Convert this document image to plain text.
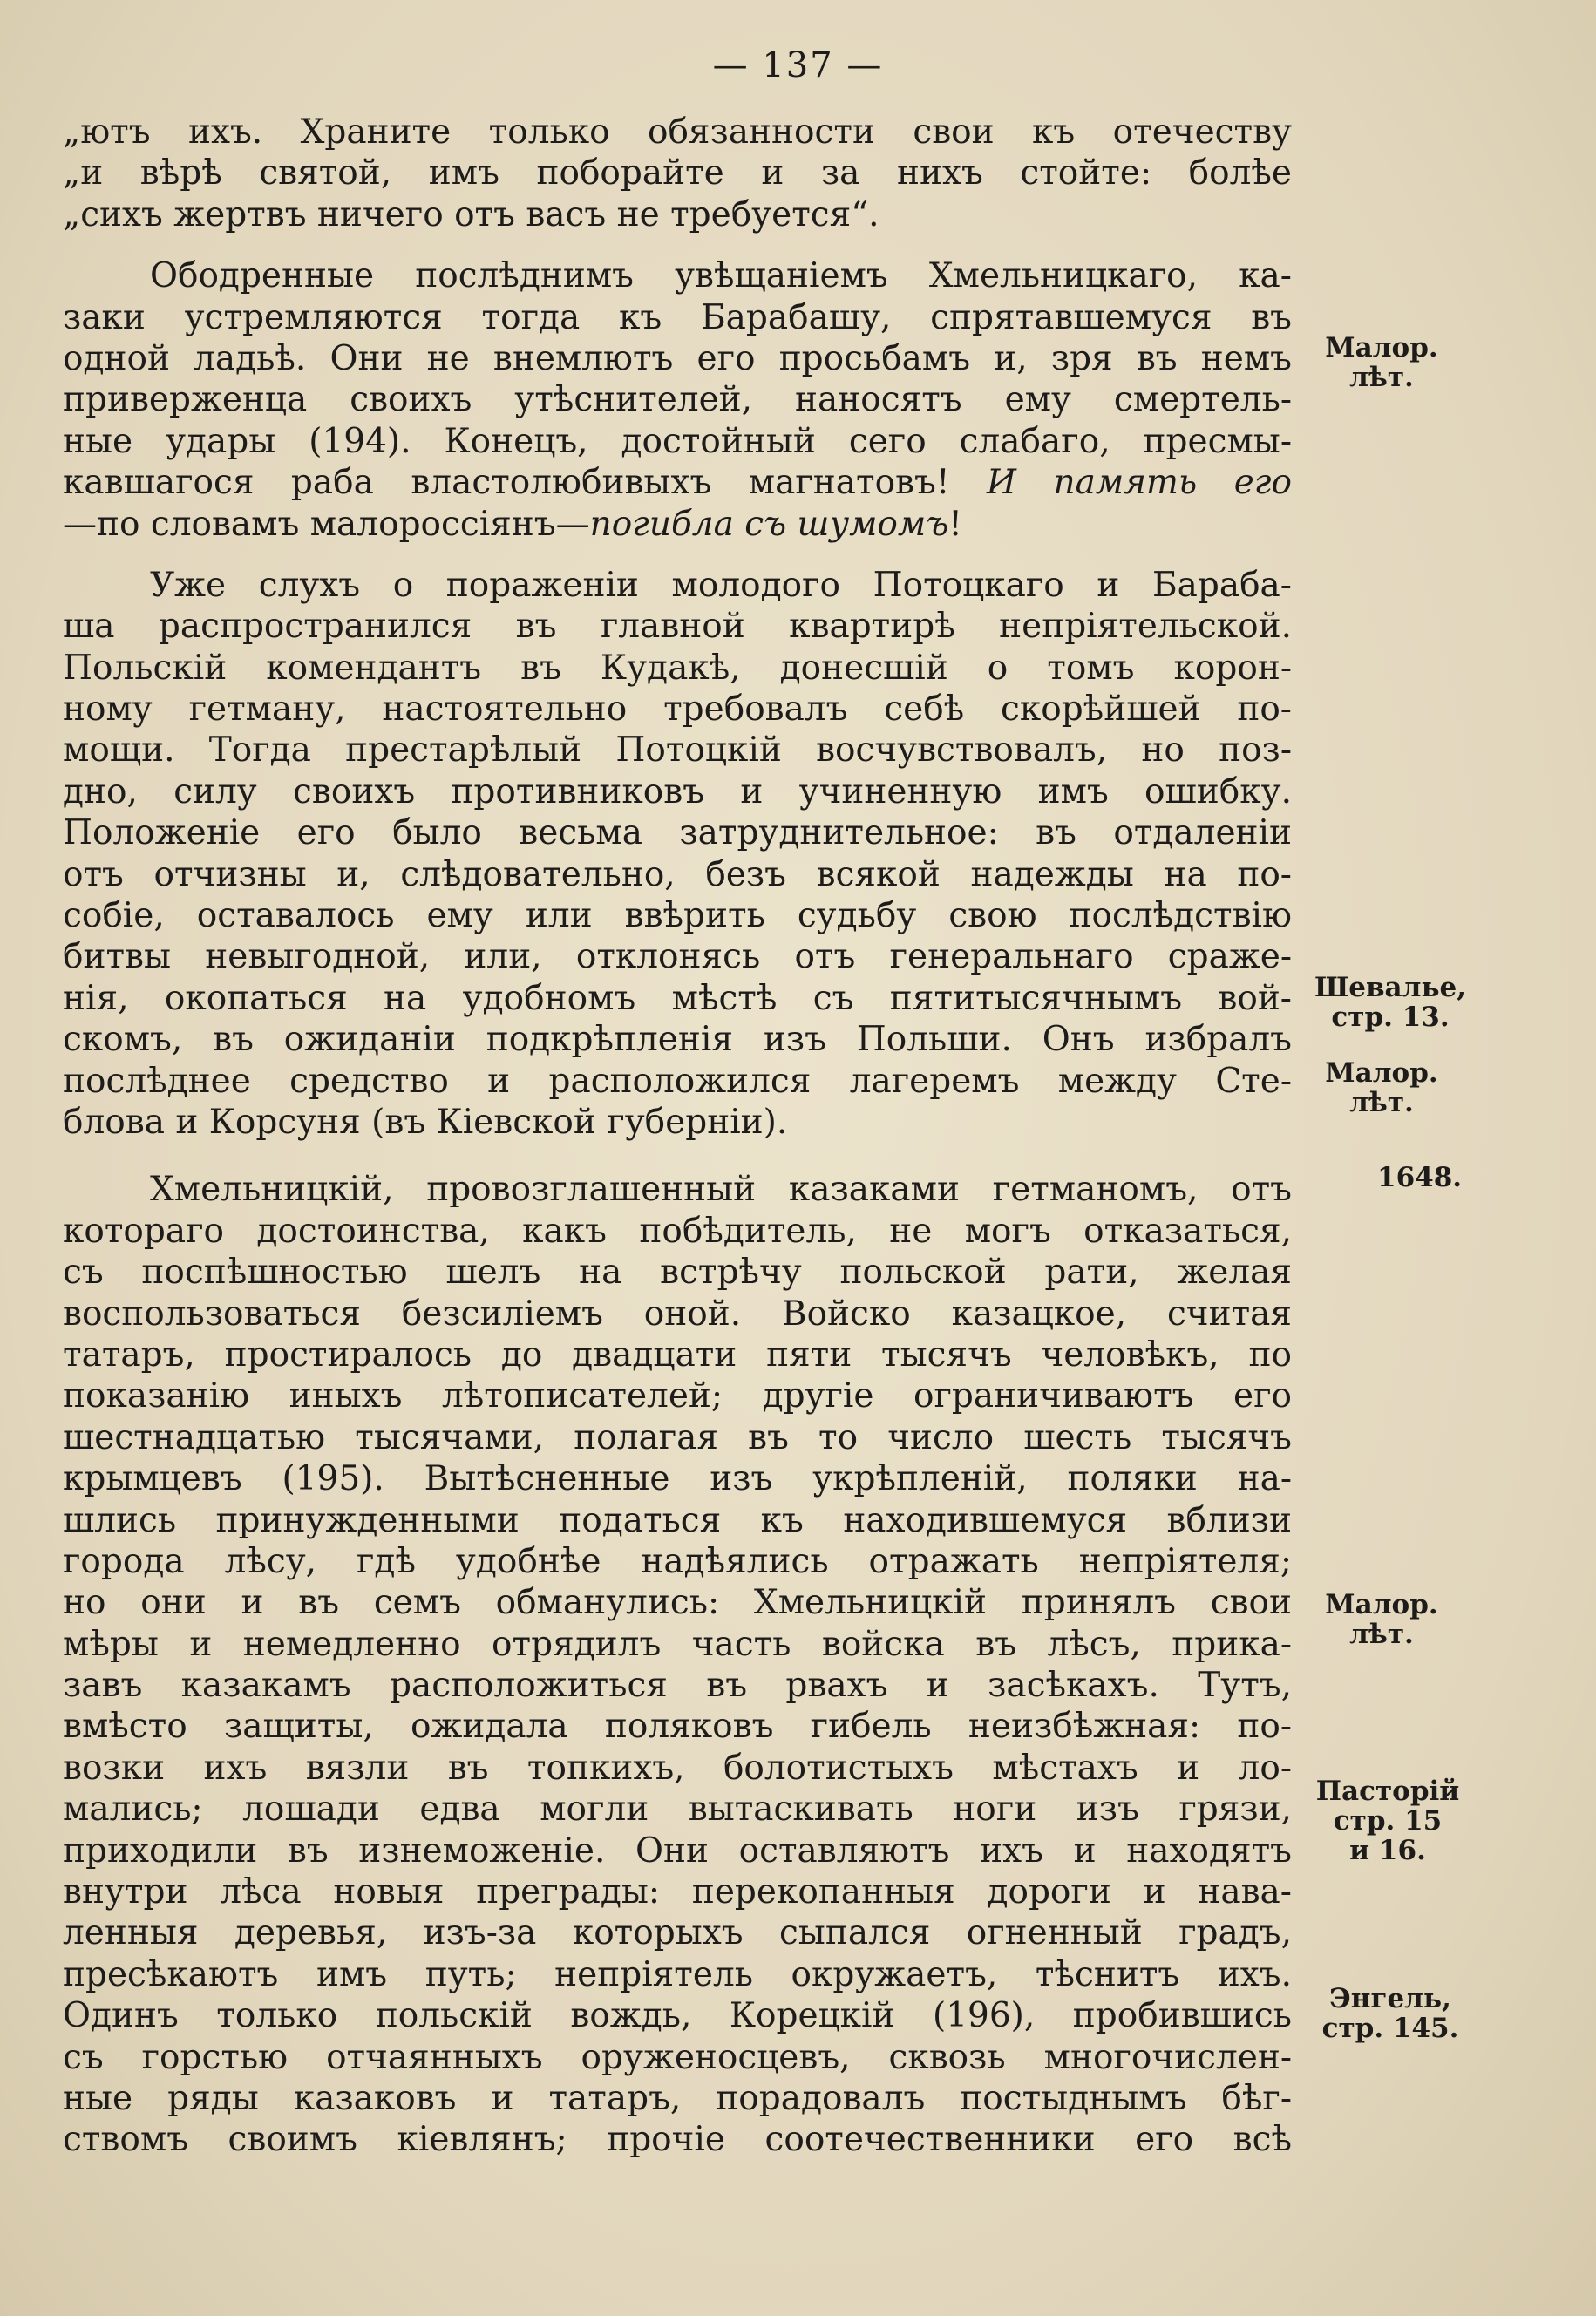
— 137 —
„ютъ ихъ. Храните только обязанности свои къ отечеству
„и вѣрѣ святой, имъ поборайте и за нихъ стойте: болѣе
„сихъ жертвъ ничего отъ васъ не требуется“.
Ободренные послѣднимъ увѣщаніемъ Хмельницкаго, ка-
заки устремляются тогда къ Барабашу, спрятавшемуся въ
одной ладьѣ. Они не внемлютъ его просьбамъ и, зря въ немъ
приверженца своихъ утѣснителей, наносятъ ему смертель-
ные удары (194). Конецъ, достойный сего слабаго, пресмы-
кавшагося раба властолюбивыхъ магнатовъ! И память его
—по словамъ малороссіянъ—погибла съ шумомъ!
Уже слухъ о пораженіи молодого Потоцкаго и Бараба-
ша распространился въ главной квартирѣ непріятельской.
Польскій комендантъ въ Кудакѣ, донесшій о томъ корон-
ному гетману, настоятельно требовалъ себѣ скорѣйшей по-
мощи. Тогда престарѣлый Потоцкій восчувствовалъ, но поз-
дно, силу своихъ противниковъ и учиненную имъ ошибку.
Положеніе его было весьма затруднительное: въ отдаленіи
отъ отчизны и, слѣдовательно, безъ всякой надежды на по-
собіе, оставалось ему или ввѣрить судьбу свою послѣдствію
битвы невыгодной, или, отклонясь отъ генеральнаго сраже-
нія, окопаться на удобномъ мѣстѣ съ пятитысячнымъ вой-
скомъ, въ ожиданіи подкрѣпленія изъ Польши. Онъ избралъ
послѣднее средство и расположился лагеремъ между Сте-
блова и Корсуня (въ Кіевской губерніи).
Хмельницкій, провозглашенный казаками гетманомъ, отъ
котораго достоинства, какъ побѣдитель, не могъ отказаться,
съ поспѣшностью шелъ на встрѣчу польской рати, желая
воспользоваться безсиліемъ оной. Войско казацкое, считая
татаръ, простиралось до двадцати пяти тысячъ человѣкъ, по
показанію иныхъ лѣтописателей; другіе ограничиваютъ его
шестнадцатью тысячами, полагая въ то число шесть тысячъ
крымцевъ (195). Вытѣсненные изъ укрѣпленій, поляки на-
шлись принужденными податься къ находившемуся вблизи
города лѣсу, гдѣ удобнѣе надѣялись отражать непріятеля;
но они и въ семъ обманулись: Хмельницкій принялъ свои
мѣры и немедленно отрядилъ часть войска въ лѣсъ, прика-
завъ казакамъ расположиться въ рвахъ и засѣкахъ. Тутъ,
вмѣсто защиты, ожидала поляковъ гибель неизбѣжная: по-
возки ихъ вязли въ топкихъ, болотистыхъ мѣстахъ и ло-
мались; лошади едва могли вытаскивать ноги изъ грязи,
приходили въ изнеможеніе. Они оставляютъ ихъ и находятъ
внутри лѣса новыя преграды: перекопанныя дороги и нава-
ленныя деревья, изъ-за которыхъ сыпался огненный градъ,
пресѣкаютъ имъ путь; непріятель окружаетъ, тѣснитъ ихъ.
Одинъ только польскій вождь, Корецкій (196), пробившись
съ горстью отчаянныхъ оруженосцевъ, сквозь многочислен-
ные ряды казаковъ и татаръ, порадовалъ постыднымъ бѣг-
ствомъ своимъ кіевлянъ; прочіе соотечественники его всѣ
Малор.
лѣт.
Шевалье,
стр. 13.
Малор.
лѣт.
1648.
Малор.
лѣт.
Пасторій
стр. 15
и 16.
Энгель,
стр. 145.
